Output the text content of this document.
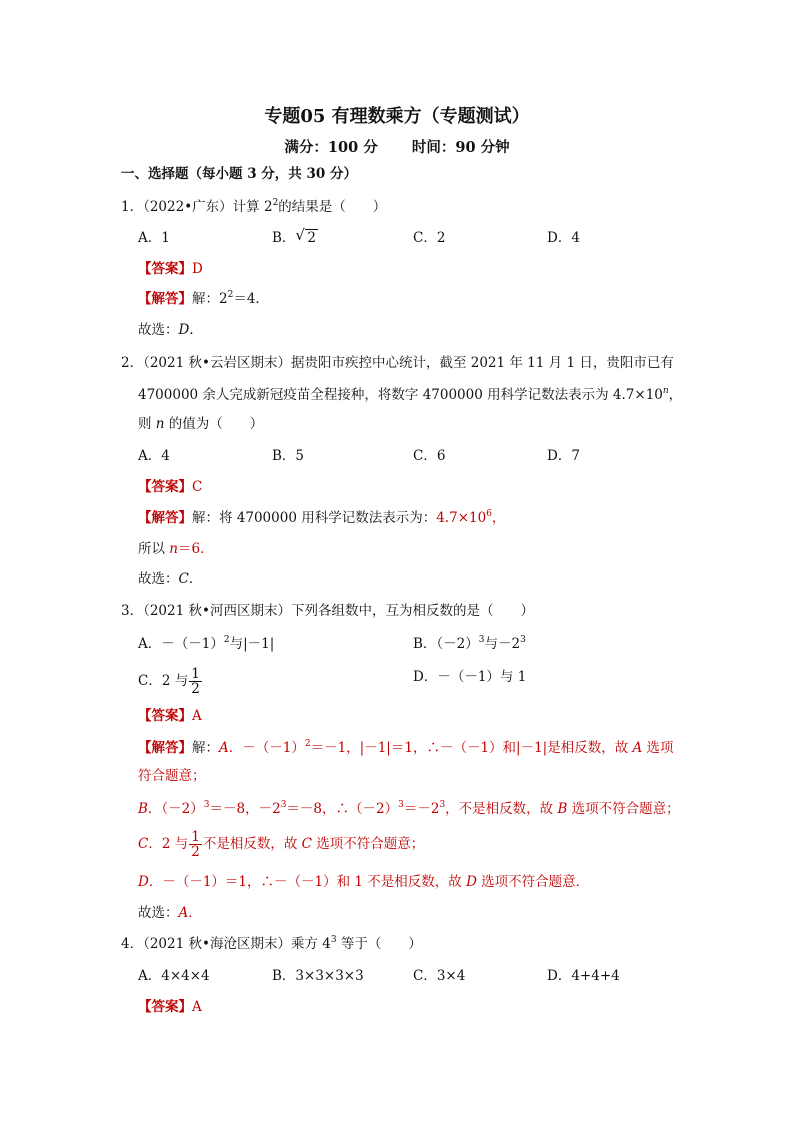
专题05 有理数乘方（专题测试）
满分：100 分 时间：90 分钟
一、选择题（每小题 3 分，共 30 分）
1．（2022•广东）计算 $2^2$的结果是（　　）
A．1	B． √ 2	C．2	D．4
【答案】D
【解答】解：$2^2=4$．
故选：D．
2．（2021 秋•云岩区期末）据贵阳市疾控中心统计，截至 2021 年 11 月 1 日，贵阳市已有
4700000 余人完成新冠疫苗全程接种，将数字 4700000 用科学记数法表示为 $4.7\times 10^n$，
则 n 的值为（　　）
A．4	B．5	C．6	D．7
【答案】C
【解答】解：将 4700000 用科学记数法表示为：$4.7\times 10^6$，
所以 n＝6．
故选：C．
3．（2021 秋•河西区期末）下列各组数中，互为相反数的是（　　）
A．$-(-1)^2$与|－1|	B．$(-2)^3$与$-2^3$
C．2 与 $\frac{1}{2}$	D．－（－1）与 1
【答案】A
【解答】解：A．$-(-1)^2=-1$，|－1|＝1，∴－（－1）和|－1|是相反数，故 A 选项
符合题意；
B．$(-2)^3=-8$，$-2^3=-8$，$\therefore(-2)^3=-2^3$，不是相反数，故 B 选项不符合题意；
C．2 与 $\frac{1}{2}$ 不是相反数，故 C 选项不符合题意；
D．－（－1）＝1，∴－（－1）和 1 不是相反数，故 D 选项不符合题意．
故选：A．
4．（2021 秋•海沧区期末）乘方 $4^3$ 等于（　　）
A．4×4×4	B．3×3×3×3	C．3×4	D．4+4+4
【答案】A
